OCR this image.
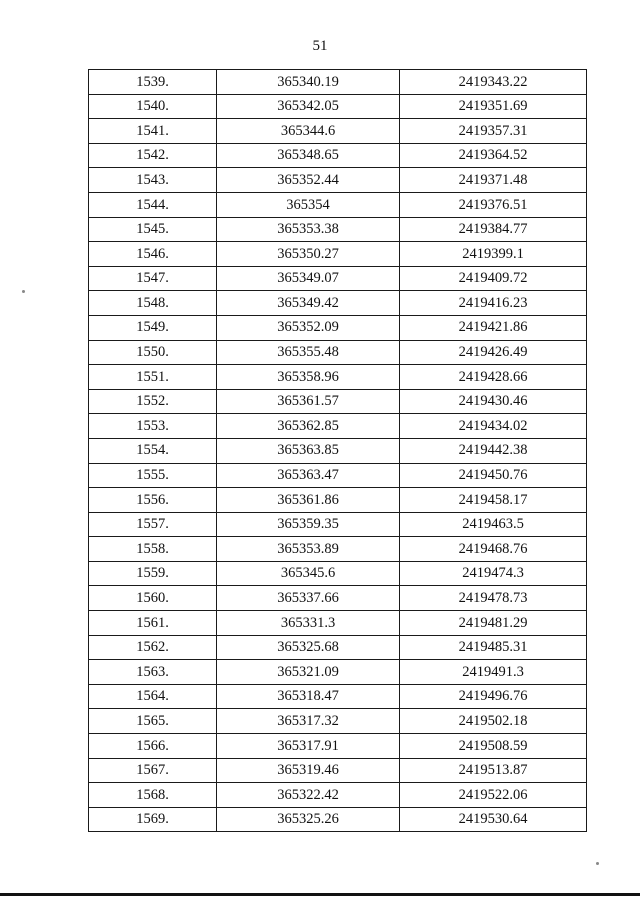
51
1539.	365340.19	2419343.22
1540.	365342.05	2419351.69
1541.	365344.6	2419357.31
1542.	365348.65	2419364.52
1543.	365352.44	2419371.48
1544.	365354	2419376.51
1545.	365353.38	2419384.77
1546.	365350.27	2419399.1
1547.	365349.07	2419409.72
1548.	365349.42	2419416.23
1549.	365352.09	2419421.86
1550.	365355.48	2419426.49
1551.	365358.96	2419428.66
1552.	365361.57	2419430.46
1553.	365362.85	2419434.02
1554.	365363.85	2419442.38
1555.	365363.47	2419450.76
1556.	365361.86	2419458.17
1557.	365359.35	2419463.5
1558.	365353.89	2419468.76
1559.	365345.6	2419474.3
1560.	365337.66	2419478.73
1561.	365331.3	2419481.29
1562.	365325.68	2419485.31
1563.	365321.09	2419491.3
1564.	365318.47	2419496.76
1565.	365317.32	2419502.18
1566.	365317.91	2419508.59
1567.	365319.46	2419513.87
1568.	365322.42	2419522.06
1569.	365325.26	2419530.64
